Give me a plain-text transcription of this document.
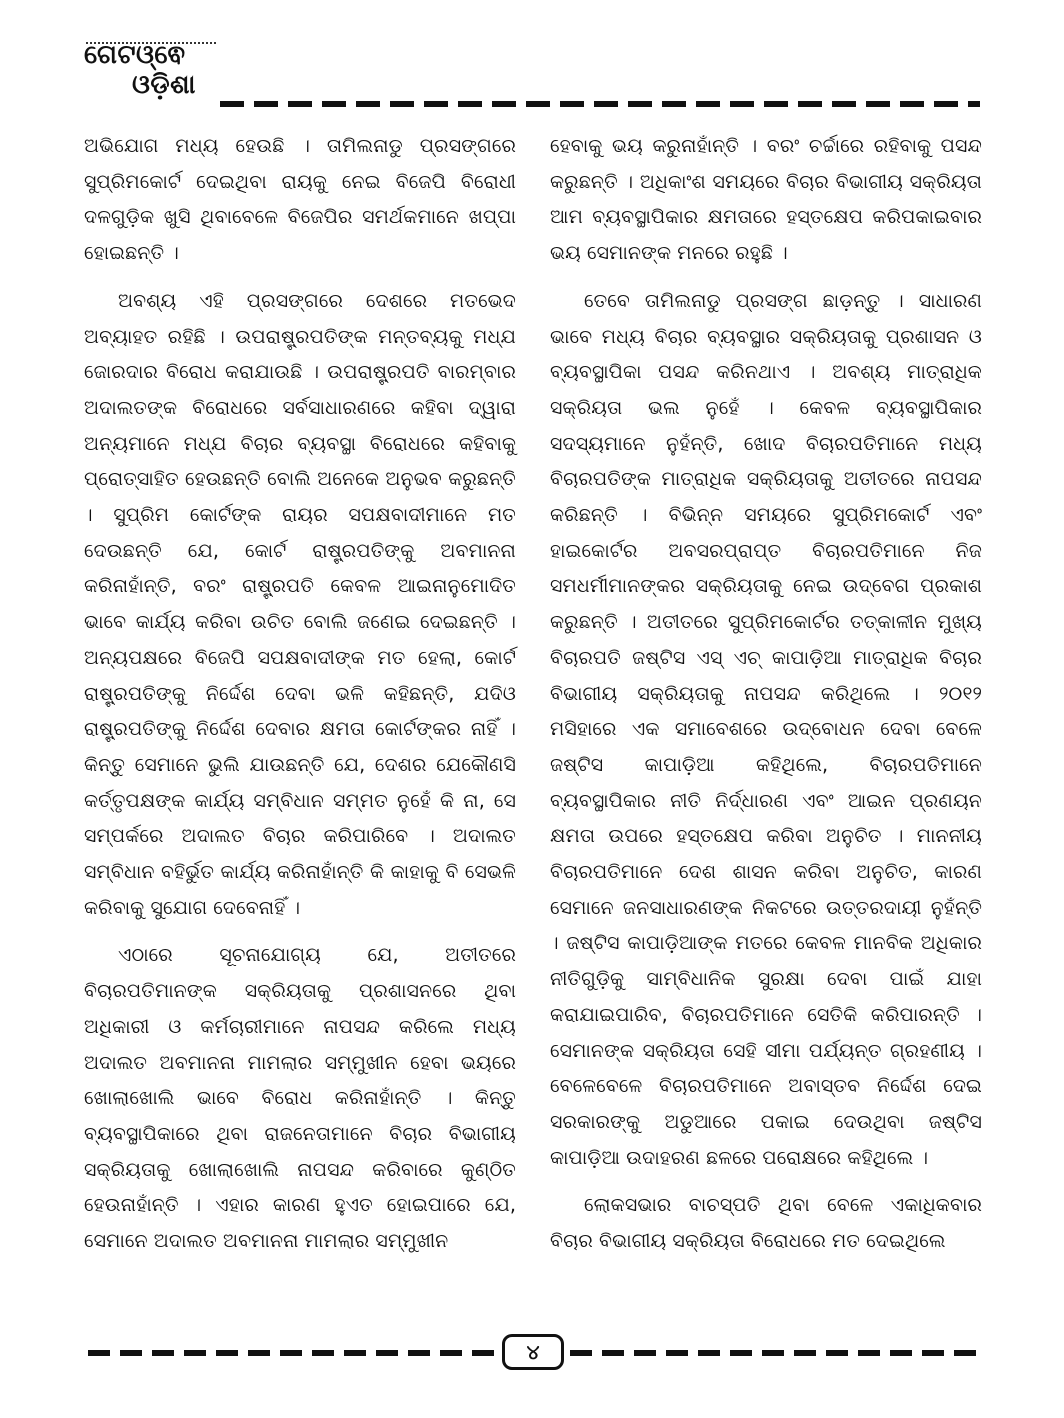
ଗେଟଓ୍ଵେ
ଓଡ଼ିଶା

ଅଭିଯୋଗ ମଧ୍ୟ ହେଉଛି । ତାମିଲନାଡୁ ପ୍ରସଙ୍ଗରେ ସୁପ୍ରିମକୋର୍ଟ ଦେଇଥିବା ରାୟକୁ ନେଇ ବିଜେପି ବିରୋଧୀ ଦଳଗୁଡ଼ିକ ଖୁସି ଥିବାବେଳେ ବିଜେପିର ସମର୍ଥକମାନେ ଖପ୍ପା ହୋଇଛନ୍ତି ।

ଅବଶ୍ୟ ଏହି ପ୍ରସଙ୍ଗରେ ଦେଶରେ ମତଭେଦ ଅବ୍ୟାହତ ରହିଛି । ଉପରାଷ୍ଟ୍ରପତିଙ୍କ ମନ୍ତବ୍ୟକୁ ମଧ୍ଯ ଜୋରଦାର ବିରୋଧ କରାଯାଉଛି । ଉପରାଷ୍ଟ୍ରପତି ବାରମ୍ବାର ଅଦାଲତଙ୍କ ବିରୋଧରେ ସର୍ବସାଧାରଣରେ କହିବା ଦ୍ୱାରା ଅନ୍ୟମାନେ ମଧ୍ଯ ବିଚାର ବ୍ୟବସ୍ଥା ବିରୋଧରେ କହିବାକୁ ପ୍ରୋତ୍ସାହିତ ହେଉଛନ୍ତି ବୋଲି ଅନେକେ ଅନୁଭବ କରୁଛନ୍ତି । ସୁପ୍ରିମ କୋର୍ଟଙ୍କ ରାୟର ସପକ୍ଷବାଦୀମାନେ ମତ ଦେଉଛନ୍ତି ଯେ, କୋର୍ଟ ରାଷ୍ଟ୍ରପତିଙ୍କୁ ଅବମାନନା କରିନାହାଁନ୍ତି, ବରଂ ରାଷ୍ଟ୍ରପତି କେବଳ ଆଇନାନୁମୋଦିତ ଭାବେ କାର୍ଯ୍ୟ କରିବା ଉଚିତ ବୋଲି ଜଣେଇ ଦେଇଛନ୍ତି । ଅନ୍ୟପକ୍ଷରେ ବିଜେପି ସପକ୍ଷବାଦୀଙ୍କ ମତ ହେଲା, କୋର୍ଟ ରାଷ୍ଟ୍ରପତିଙ୍କୁ ନିର୍ଦ୍ଦେଶ ଦେବା ଭଳି କହିଛନ୍ତି, ଯଦିଓ ରାଷ୍ଟ୍ରପତିଙ୍କୁ ନିର୍ଦ୍ଦେଶ ଦେବାର କ୍ଷମତା କୋର୍ଟଙ୍କର ନାହିଁ । କିନ୍ତୁ ସେମାନେ ଭୁଲି ଯାଉଛନ୍ତି ଯେ, ଦେଶର ଯେକୌଣସି କର୍ତ୍ତୃପକ୍ଷଙ୍କ କାର୍ଯ୍ୟ ସମ୍ବିଧାନ ସମ୍ମତ ନୁହେଁ କି ନା, ସେ ସମ୍ପର୍କରେ ଅଦାଲତ ବିଚାର କରିପାରିବେ । ଅଦାଲତ ସମ୍ବିଧାନ ବହିର୍ଭୁତ କାର୍ଯ୍ୟ କରିନାହାଁନ୍ତି କି କାହାକୁ ବି ସେଭଳି କରିବାକୁ ସୁଯୋଗ ଦେବେନାହିଁ ।

ଏଠାରେ ସୂଚନାଯୋଗ୍ୟ ଯେ, ଅତୀତରେ ବିଚାରପତିମାନଙ୍କ ସକ୍ରିୟତାକୁ ପ୍ରଶାସନରେ ଥିବା ଅଧିକାରୀ ଓ କର୍ମଚାରୀମାନେ ନାପସନ୍ଦ କରିଲେ ମଧ୍ୟ ଅଦାଲତ ଅବମାନନା ମାମଲାର ସମ୍ମୁଖୀନ ହେବା ଭୟରେ ଖୋଲାଖୋଲି ଭାବେ ବିରୋଧ କରିନାହାଁନ୍ତି । କିନ୍ତୁ ବ୍ୟବସ୍ଥାପିକାରେ ଥିବା ରାଜନେତାମାନେ ବିଚାର ବିଭାଗୀୟ ସକ୍ରିୟତାକୁ ଖୋଲାଖୋଲି ନାପସନ୍ଦ କରିବାରେ କୁଣ୍ଠିତ ହେଉନାହାଁନ୍ତି । ଏହାର କାରଣ ହୁଏତ ହୋଇପାରେ ଯେ, ସେମାନେ ଅଦାଲତ ଅବମାନନା ମାମଲାର ସମ୍ମୁଖୀନ

ହେବାକୁ ଭୟ କରୁନାହାଁନ୍ତି । ବରଂ ଚର୍ଚ୍ଚାରେ ରହିବାକୁ ପସନ୍ଦ କରୁଛନ୍ତି । ଅଧିକାଂଶ ସମୟରେ ବିଚାର ବିଭାଗୀୟ ସକ୍ରିୟତା ଆମ ବ୍ୟବସ୍ଥାପିକାର କ୍ଷମତାରେ ହସ୍ତକ୍ଷେପ କରିପକାଇବାର ଭୟ ସେମାନଙ୍କ ମନରେ ରହୁଛି ।

ତେବେ ତାମିଲନାଡୁ ପ୍ରସଙ୍ଗ ଛାଡ଼ନ୍ତୁ । ସାଧାରଣ ଭାବେ ମଧ୍ୟ ବିଚାର ବ୍ୟବସ୍ଥାର ସକ୍ରିୟତାକୁ ପ୍ରଶାସନ ଓ ବ୍ୟବସ୍ଥାପିକା ପସନ୍ଦ କରିନଥାଏ । ଅବଶ୍ୟ ମାତ୍ରାଧିକ ସକ୍ରିୟତା ଭଲ ନୁହେଁ । କେବଳ ବ୍ୟବସ୍ଥାପିକାର ସଦସ୍ୟମାନେ ନୁହଁନ୍ତି, ଖୋଦ ବିଚାରପତିମାନେ ମଧ୍ୟ ବିଚାରପତିଙ୍କ ମାତ୍ରାଧିକ ସକ୍ରିୟତାକୁ ଅତୀତରେ ନାପସନ୍ଦ କରିଛନ୍ତି । ବିଭିନ୍ନ ସମୟରେ ସୁପ୍ରିମକୋର୍ଟ ଏବଂ ହାଇକୋର୍ଟର ଅବସରପ୍ରାପ୍ତ ବିଚାରପତିମାନେ ନିଜ ସମଧର୍ମୀମାନଙ୍କର ସକ୍ରିୟତାକୁ ନେଇ ଉଦ୍‌ବେଗ ପ୍ରକାଶ କରୁଛନ୍ତି । ଅତୀତରେ ସୁପ୍ରିମକୋର୍ଟର ତତ୍କାଳୀନ ମୁଖ୍ୟ ବିଚାରପତି ଜଷ୍ଟିସ ଏସ୍ ଏଚ୍ କାପାଡ଼ିଆ ମାତ୍ରାଧିକ ବିଚାର ବିଭାଗୀୟ ସକ୍ରିୟତାକୁ ନାପସନ୍ଦ କରିଥିଲେ । ୨୦୧୨ ମସିହାରେ ଏକ ସମାବେଶରେ ଉଦ୍‌ବୋଧନ ଦେବା ବେଳେ ଜଷ୍ଟିସ କାପାଡ଼ିଆ କହିଥିଲେ, ବିଚାରପତିମାନେ ବ୍ୟବସ୍ଥାପିକାର ନୀତି ନିର୍ଦ୍ଧାରଣ ଏବଂ ଆଇନ ପ୍ରଣୟନ କ୍ଷମତା ଉପରେ ହସ୍ତକ୍ଷେପ କରିବା ଅନୁଚିତ । ମାନନୀୟ ବିଚାରପତିମାନେ ଦେଶ ଶାସନ କରିବା ଅନୁଚିତ, କାରଣ ସେମାନେ ଜନସାଧାରଣଙ୍କ ନିକଟରେ ଉତ୍ତରଦାୟୀ ନୁହଁନ୍ତି । ଜଷ୍ଟିସ କାପାଡ଼ିଆଙ୍କ ମତରେ କେବଳ ମାନବିକ ଅଧିକାର ନୀତିଗୁଡ଼ିକୁ ସାମ୍ବିଧାନିକ ସୁରକ୍ଷା ଦେବା ପାଇଁ ଯାହା କରାଯାଇପାରିବ, ବିଚାରପତିମାନେ ସେତିକି କରିପାରନ୍ତି । ସେମାନଙ୍କ ସକ୍ରିୟତା ସେହି ସୀମା ପର୍ଯ୍ୟନ୍ତ ଗ୍ରହଣୀୟ । ବେଳେବେଳେ ବିଚାରପତିମାନେ ଅବାସ୍ତବ ନିର୍ଦ୍ଦେଶ ଦେଇ ସରକାରଙ୍କୁ ଅଡୁଆରେ ପକାଇ ଦେଉଥିବା ଜଷ୍ଟିସ କାପାଡ଼ିଆ ଉଦାହରଣ ଛଳରେ ପରୋକ୍ଷରେ କହିଥିଲେ ।

ଲୋକସଭାର ବାଚସ୍ପତି ଥିବା ବେଳେ ଏକାଧିକବାର ବିଚାର ବିଭାଗୀୟ ସକ୍ରିୟତା ବିରୋଧରେ ମତ ଦେଇଥିଲେ

୪
